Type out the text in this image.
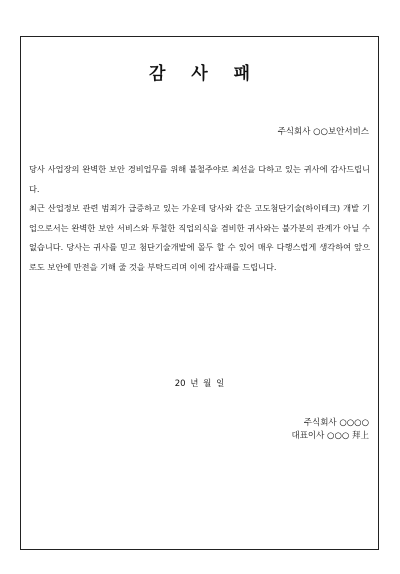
감 사 패
주식회사 ○○보안서비스

당사 사업장의 완벽한 보안 경비업무를 위해 불철주야로 최선을 다하고 있는 귀사에 감사드립니다.

최근 산업정보 관련 범죄가 급증하고 있는 가운데 당사와 같은 고도첨단기술(하이테크) 개발 기업으로서는 완벽한 보안 서비스와 투철한 직업의식을 겸비한 귀사와는 불가분의 관계가 아닐 수 없습니다. 당사는 귀사를 믿고 첨단기술개발에 몰두 할 수 있어 매우 다행스럽게 생각하여 앞으로도 보안에 만전을 기해 줄 것을 부탁드리며 이에 감사패를 드립니다.

20 년 월 일
주식회사 ○○○○
대표이사 ○○○ 拜上
